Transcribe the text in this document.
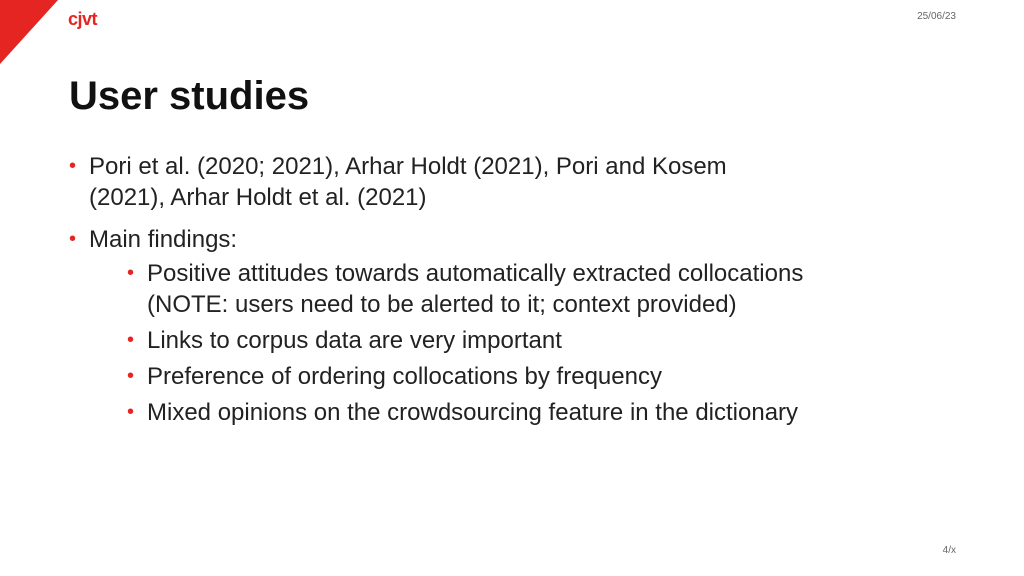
cjvt	25/06/23
User studies
• Pori et al. (2020; 2021), Arhar Holdt (2021), Pori and Kosem (2021), Arhar Holdt et al. (2021)
• Main findings:
• Positive attitudes towards automatically extracted collocations (NOTE: users need to be alerted to it; context provided)
• Links to corpus data are very important
• Preference of ordering collocations by frequency
• Mixed opinions on the crowdsourcing feature in the dictionary
4/x
